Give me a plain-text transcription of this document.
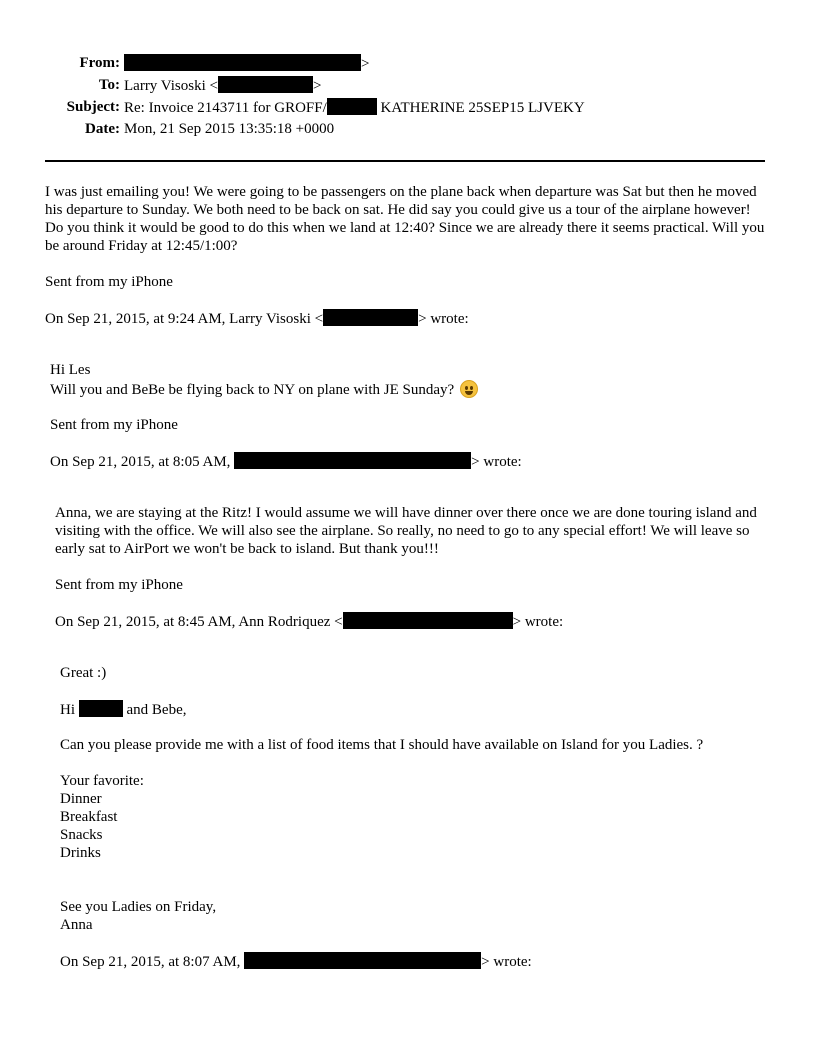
From:	>
To: Larry Visoski <	>
Subject: Re: Invoice 2143711 for GROFF/	KATHERINE 25SEP15 LJVEKY
Date: Mon, 21 Sep 2015 13:35:18 +0000
I was just emailing you! We were going to be passengers on the plane back when departure was Sat but then he moved his departure to Sunday. We both need to be back on sat. He did say you could give us a tour of the airplane however! Do you think it would be good to do this when we land at 12:40? Since we are already there it seems practical. Will you be around Friday at 12:45/1:00?
Sent from my iPhone
On Sep 21, 2015, at 9:24 AM, Larry Visoski <	> wrote:
Hi Les
Will you and BeBe be flying back to NY on plane with JE Sunday?
Sent from my iPhone
On Sep 21, 2015, at 8:05 AM,	> wrote:
Anna, we are staying at the Ritz! I would assume we will have dinner over there once we are done touring island and visiting with the office. We will also see the airplane. So really, no need to go to any special effort! We will leave so early sat to AirPort we won't be back to island. But thank you!!!
Sent from my iPhone
On Sep 21, 2015, at 8:45 AM, Ann Rodriquez <	> wrote:
Great :)
Hi	and Bebe,
Can you please provide me with a list of food items that I should have available on Island for you Ladies. ?
Your favorite:
Dinner
Breakfast
Snacks
Drinks
See you Ladies on Friday,
Anna
On Sep 21, 2015, at 8:07 AM,	> wrote:
